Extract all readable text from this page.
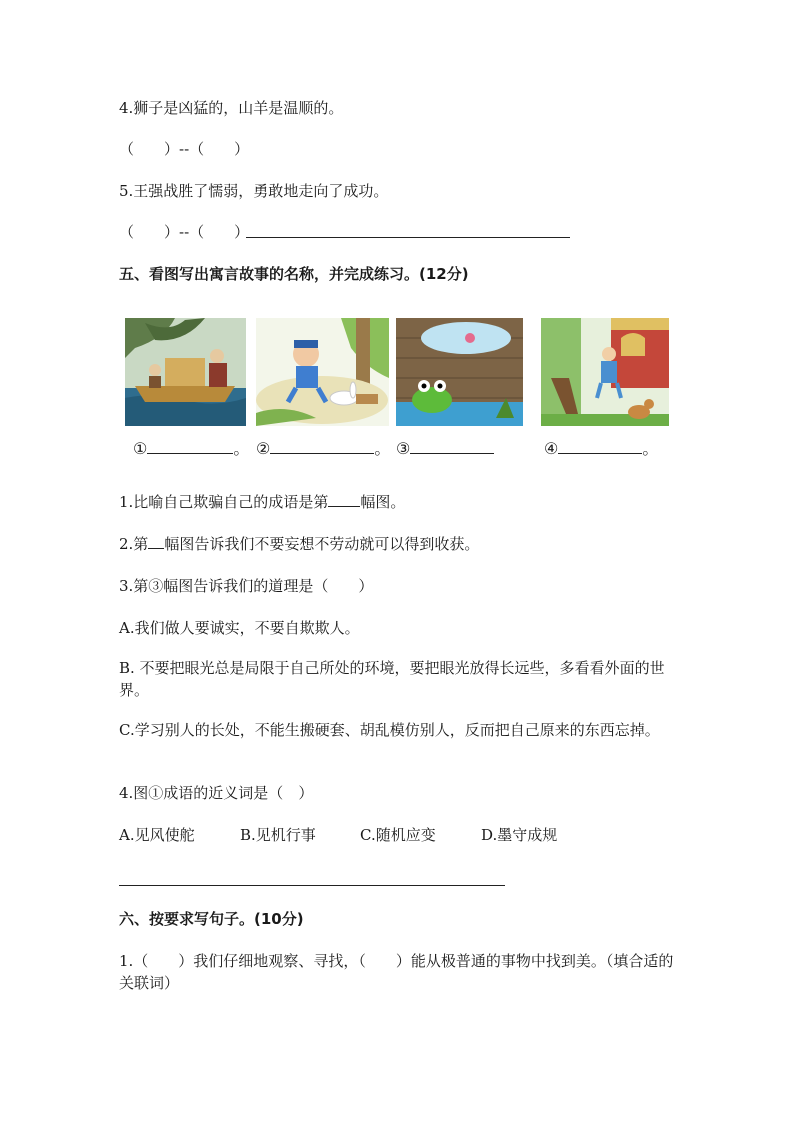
4.狮子是凶猛的，山羊是温顺的。
（　　）--（　　）
5.王强战胜了懦弱，勇敢地走向了成功。
（　　）--（　　）
五、看图写出寓言故事的名称，并完成练习。(12分)
①	。 ②	。 ③	④	。
1.比喻自己欺骗自己的成语是第 幅图。
2.第 幅图告诉我们不要妄想不劳动就可以得到收获。
3.第③幅图告诉我们的道理是（　　）
A.我们做人要诚实，不要自欺欺人。
B. 不要把眼光总是局限于自己所处的环境，要把眼光放得长远些，多看看外面的世界。
C.学习别人的长处，不能生搬硬套、胡乱模仿别人，反而把自己原来的东西忘掉。
4.图①成语的近义词是（　）
A.见风使舵	B.见机行事	C.随机应变	D.墨守成规
六、按要求写句子。(10分)
1.（　　）我们仔细地观察、寻找，（　　）能从极普通的事物中找到美。（填合适的关联词）
